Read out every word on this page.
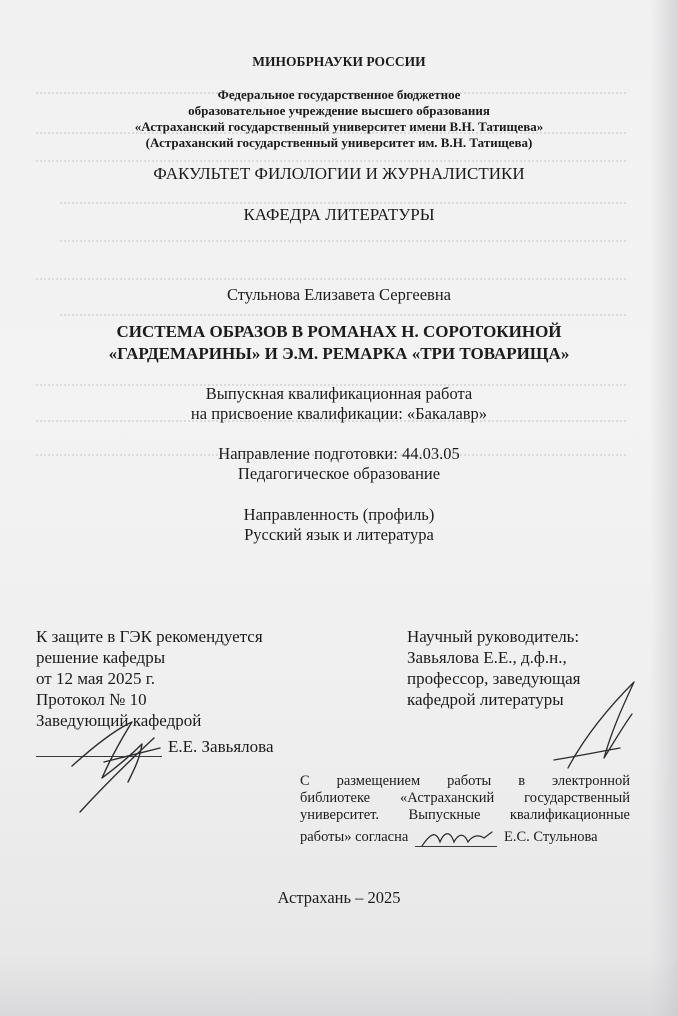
МИНОБРНАУКИ РОССИИ
Федеральное государственное бюджетное
образовательное учреждение высшего образования
«Астраханский государственный университет имени В.Н. Татищева»
(Астраханский государственный университет им. В.Н. Татищева)
ФАКУЛЬТЕТ ФИЛОЛОГИИ И ЖУРНАЛИСТИКИ
КАФЕДРА ЛИТЕРАТУРЫ
Стульнова Елизавета Сергеевна
СИСТЕМА ОБРАЗОВ В РОМАНАХ Н. СОРОТОКИНОЙ
«ГАРДЕМАРИНЫ» И Э.М. РЕМАРКА «ТРИ ТОВАРИЩА»
Выпускная квалификационная работа
на присвоение квалификации: «Бакалавр»
Направление подготовки: 44.03.05
Педагогическое образование
Направленность (профиль)
Русский язык и литература
К защите в ГЭК рекомендуется
решение кафедры
от 12 мая 2025 г.
Протокол № 10
Заведующий кафедрой
Е.Е. Завьялова
Научный руководитель:
Завьялова Е.Е., д.ф.н.,
профессор, заведующая
кафедрой литературы
С размещением работы в электронной
библиотеке «Астраханский государственный
университет. Выпускные квалификационные
работы» согласна	Е.С. Стульнова
Астрахань – 2025
